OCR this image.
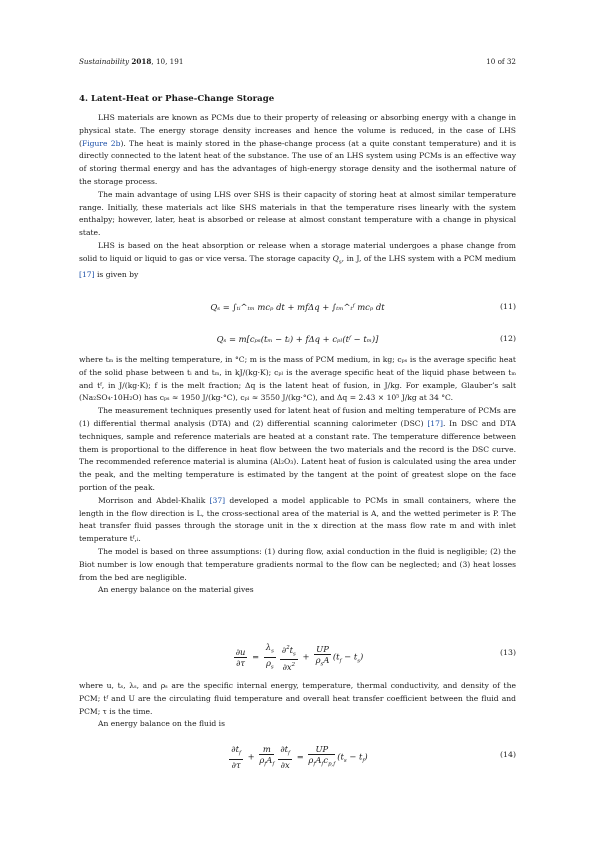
Sustainability 2018, 10, 191	10 of 32
4. Latent-Heat or Phase-Change Storage

LHS materials are known as PCMs due to their property of releasing or absorbing energy with a change in physical state. The energy storage density increases and hence the volume is reduced, in the case of LHS (Figure 2b). The heat is mainly stored in the phase-change process (at a quite constant temperature) and it is directly connected to the latent heat of the substance. The use of an LHS system using PCMs is an effective way of storing thermal energy and has the advantages of high-energy storage density and the isothermal nature of the storage process.

The main advantage of using LHS over SHS is their capacity of storing heat at almost similar temperature range. Initially, these materials act like SHS materials in that the temperature rises linearly with the system enthalpy; however, later, heat is absorbed or release at almost constant temperature with a change in physical state.

LHS is based on the heat absorption or release when a storage material undergoes a phase change from solid to liquid or liquid to gas or vice versa. The storage capacity $Q_s$, in J, of the LHS system with a PCM medium [17] is given by

Qₛ = ∫ₜᵢ^ₜₘ mcₚ dt + mfΔq + ∫ₜₘ^ₜᶠ mcₚ dt	(11)
Qₛ = m[cₚₛ(tₘ − tᵢ) + fΔq + cₚₗ(tᶠ − tₘ)]	(12)

where tₘ is the melting temperature, in °C; m is the mass of PCM medium, in kg; cₚₛ is the average specific heat of the solid phase between tᵢ and tₘ, in kJ/(kg·K); cₚₗ is the average specific heat of the liquid phase between tₘ and tᶠ, in J/(kg·K); f is the melt fraction; Δq is the latent heat of fusion, in J/kg. For example, Glauber’s salt (Na₂SO₄·10H₂O) has cₚₛ ≈ 1950 J/(kg·°C), cₚₗ ≈ 3550 J/(kg·°C), and Δq = 2.43 × 10⁵ J/kg at 34 °C.

The measurement techniques presently used for latent heat of fusion and melting temperature of PCMs are (1) differential thermal analysis (DTA) and (2) differential scanning calorimeter (DSC) [17]. In DSC and DTA techniques, sample and reference materials are heated at a constant rate. The temperature difference between them is proportional to the difference in heat flow between the two materials and the record is the DSC curve. The recommended reference material is alumina (Al₂O₃). Latent heat of fusion is calculated using the area under the peak, and the melting temperature is estimated by the tangent at the point of greatest slope on the face portion of the peak.

Morrison and Abdel-Khalik [37] developed a model applicable to PCMs in small containers, where the length in the flow direction is L, the cross-sectional area of the material is A, and the wetted perimeter is P. The heat transfer fluid passes through the storage unit in the x direction at the mass flow rate m and with inlet temperature tᶠ,ᵢ.

The model is based on three assumptions: (1) during flow, axial conduction in the fluid is negligible; (2) the Biot number is low enough that temperature gradients normal to the flow can be neglected; and (3) heat losses from the bed are negligible.

An energy balance on the material gives

$\frac{\partial u}{\partial\tau} = \frac{\lambda_s}{\rho_s} \frac{\partial^2t_s}{\partial x^2} + \frac{UP}{\rho_sA} (t_f - t_s)$	(13)

where u, tₛ, λₛ, and ρₛ are the specific internal energy, temperature, thermal conductivity, and density of the PCM; tᶠ and U are the circulating fluid temperature and overall heat transfer coefficient between the fluid and PCM; τ is the time.

An energy balance on the fluid is

$\frac{\partial t_f}{\partial\tau} + \frac{m}{\rho_fA_f} \frac{\partial t_f}{\partial x} = \frac{UP}{\rho_fA_fc_{p,f}} (t_s - t_f)$	(14)
